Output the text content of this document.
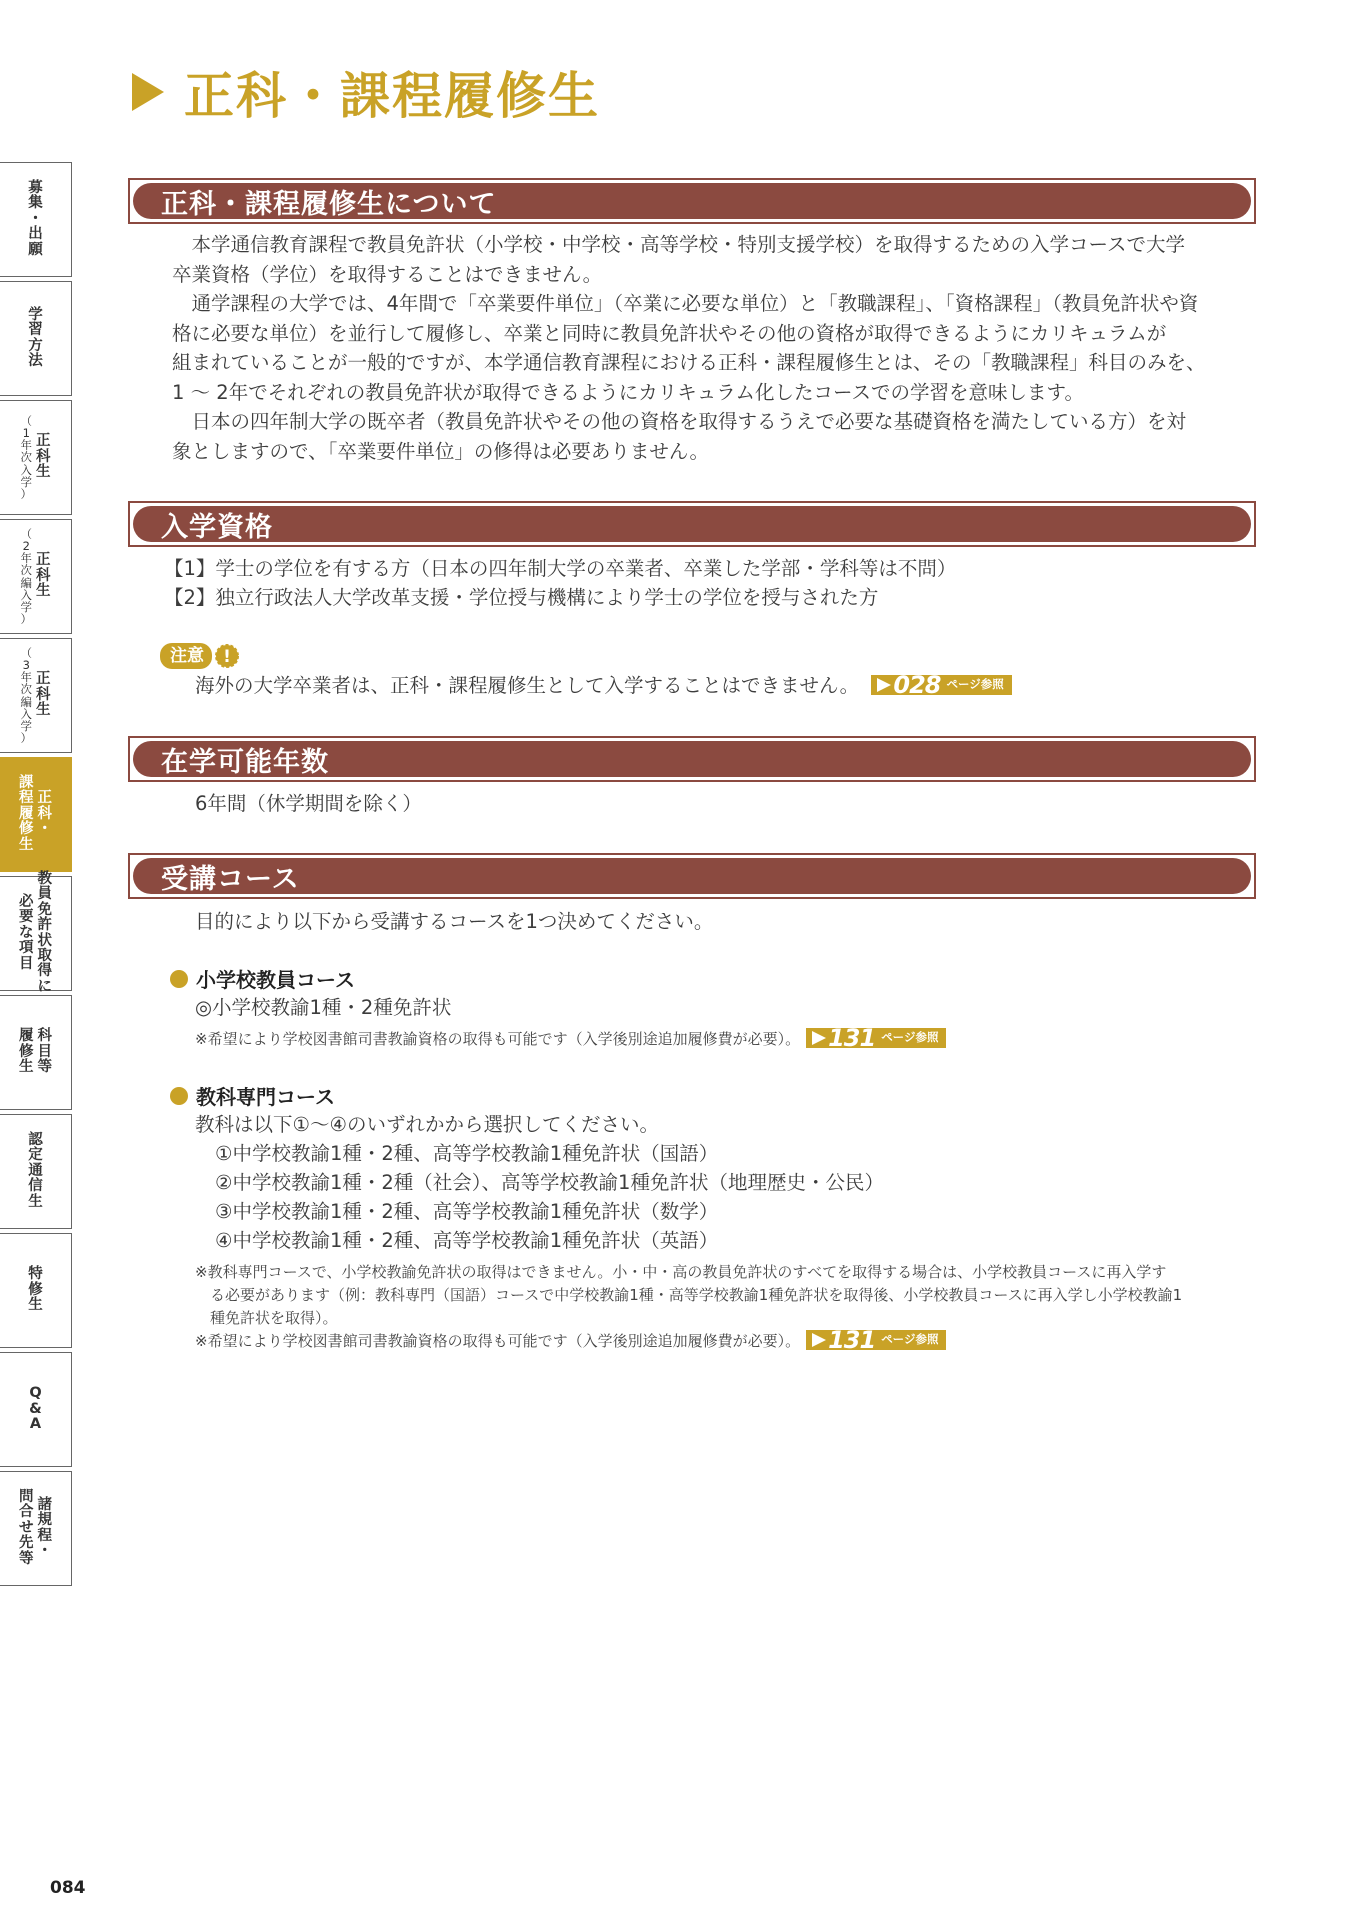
正科・課程履修生
募
集
・
出
願
学
習
方
法
正
科
生
（
1
年
次
入
学
）
正
科
生
（
2
年
次
編
入
学
）
正
科
生
（
3
年
次
編
入
学
）
正
科
・
課
程
履
修
生
教
員
免
許
状
取
得
に
必
要
な
項
目
科
目
等
履
修
生
認
定
通
信
生
特
修
生
Q
&
A
諸
規
程
・
問
合
せ
先
等
正科・課程履修生について
　本学通信教育課程で教員免許状（小学校・中学校・高等学校・特別支援学校）を取得するための入学コースで大学
卒業資格（学位）を取得することはできません。
　通学課程の大学では、4年間で「卒業要件単位」（卒業に必要な単位）と「教職課程」、「資格課程」（教員免許状や資
格に必要な単位）を並行して履修し、卒業と同時に教員免許状やその他の資格が取得できるようにカリキュラムが
組まれていることが一般的ですが、本学通信教育課程における正科・課程履修生とは、その「教職課程」科目のみを、
1 ～ 2年でそれぞれの教員免許状が取得できるようにカリキュラム化したコースでの学習を意味します。
　日本の四年制大学の既卒者（教員免許状やその他の資格を取得するうえで必要な基礎資格を満たしている方）を対
象としますので、「卒業要件単位」の修得は必要ありません。
入学資格
【1】学士の学位を有する方（日本の四年制大学の卒業者、卒業した学部・学科等は不問）
【2】独立行政法人大学改革支援・学位授与機構により学士の学位を授与された方
注意	!
海外の大学卒業者は、正科・課程履修生として入学することはできません。 028 ページ参照
在学可能年数
6年間（休学期間を除く）
受講コース
目的により以下から受講するコースを1つ決めてください。
小学校教員コース
◎小学校教諭1種・2種免許状
※希望により学校図書館司書教諭資格の取得も可能です（入学後別途追加履修費が必要）。 131 ページ参照
教科専門コース
教科は以下①～④のいずれかから選択してください。
①中学校教諭1種・2種、高等学校教諭1種免許状（国語）
②中学校教諭1種・2種（社会）、高等学校教諭1種免許状（地理歴史・公民）
③中学校教諭1種・2種、高等学校教諭1種免許状（数学）
④中学校教諭1種・2種、高等学校教諭1種免許状（英語）
※教科専門コースで、小学校教諭免許状の取得はできません。小・中・高の教員免許状のすべてを取得する場合は、小学校教員コースに再入学す
　る必要があります（例：教科専門（国語）コースで中学校教諭1種・高等学校教諭1種免許状を取得後、小学校教員コースに再入学し小学校教諭1
　種免許状を取得）。
※希望により学校図書館司書教諭資格の取得も可能です（入学後別途追加履修費が必要）。 131 ページ参照
084
